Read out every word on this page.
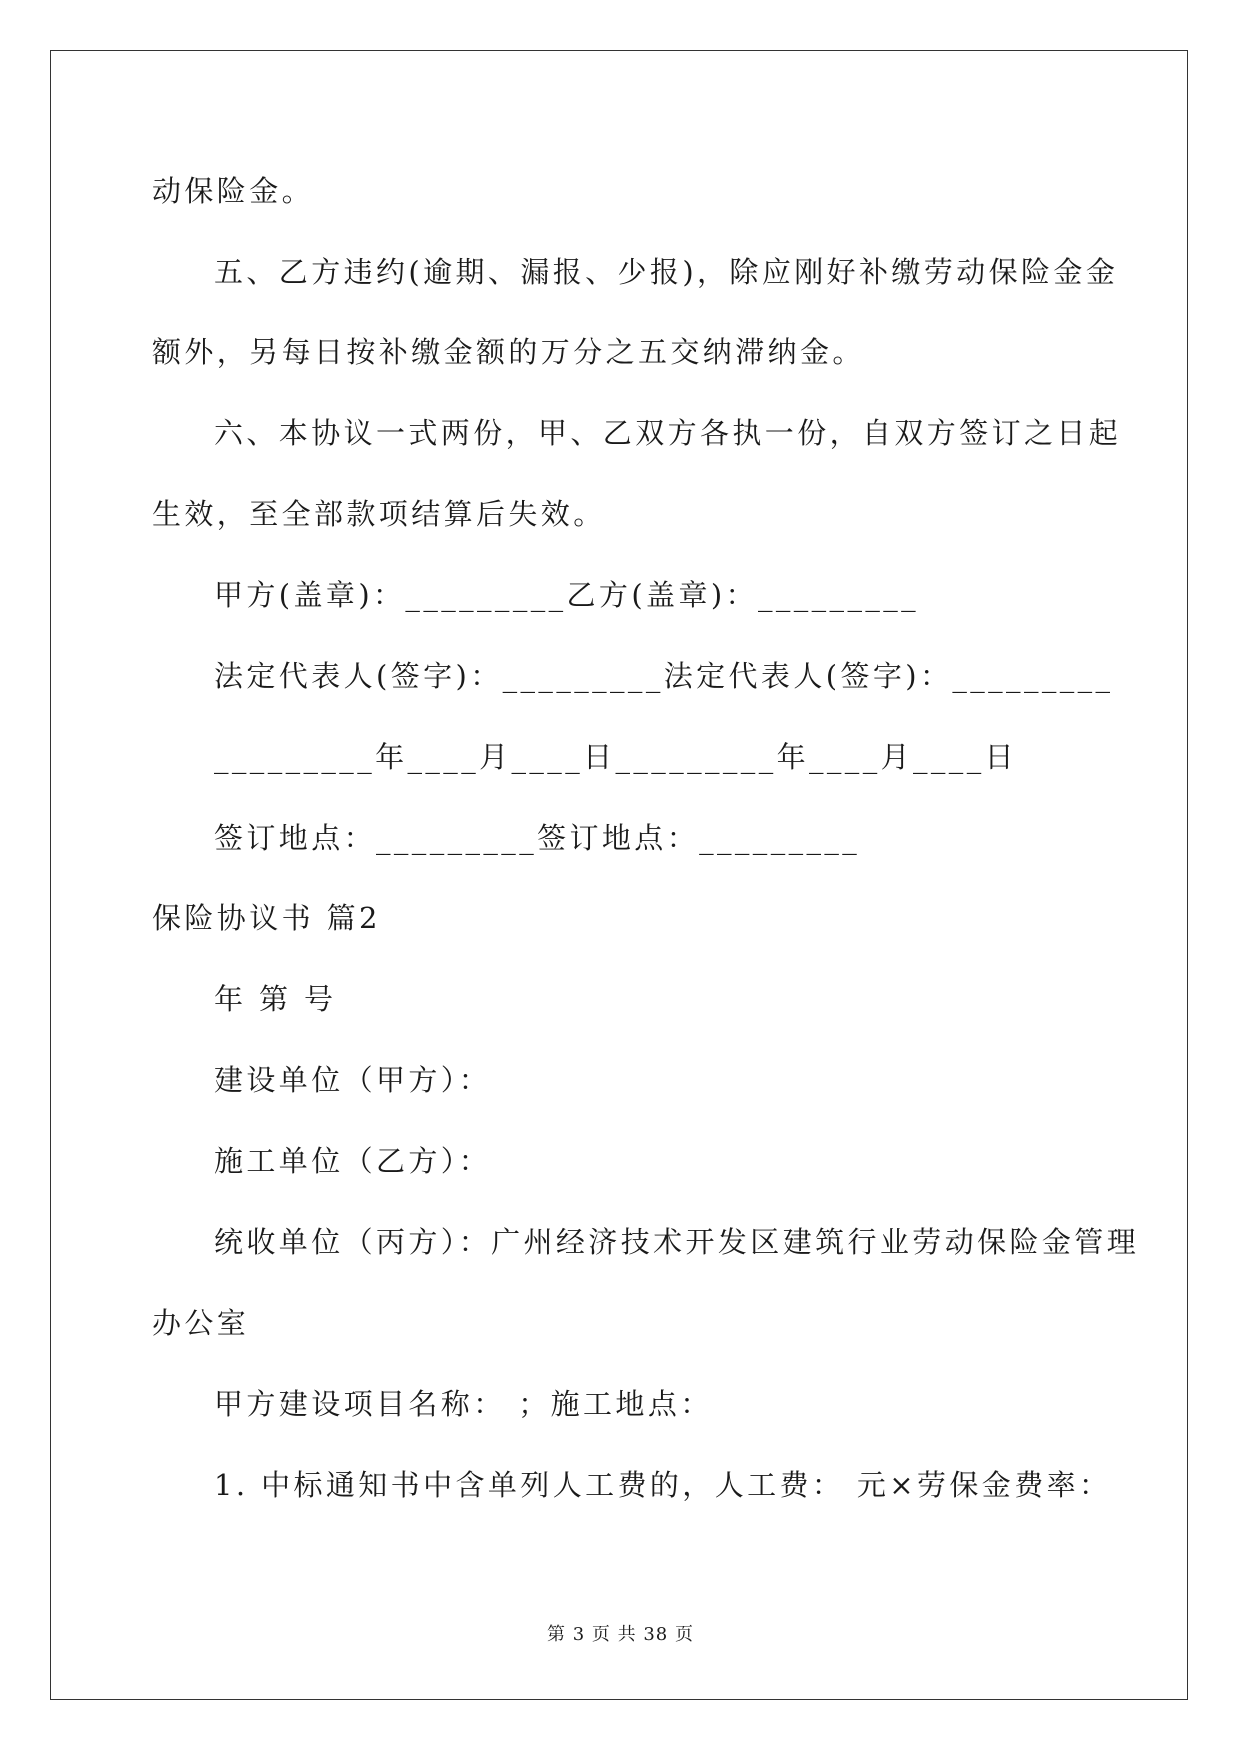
动保险金。
五、乙方违约(逾期、漏报、少报)，除应刚好补缴劳动保险金金
额外，另每日按补缴金额的万分之五交纳滞纳金。
六、本协议一式两份，甲、乙双方各执一份，自双方签订之日起
生效，至全部款项结算后失效。
甲方(盖章)：_________乙方(盖章)：_________
法定代表人(签字)：_________法定代表人(签字)：_________
_________年____月____日_________年____月____日
签订地点：_________签订地点：_________
保险协议书 篇2
年 第 号
建设单位（甲方）：
施工单位（乙方）：
统收单位（丙方）：广州经济技术开发区建筑行业劳动保险金管理
办公室
甲方建设项目名称： ；施工地点：
1. 中标通知书中含单列人工费的，人工费： 元×劳保金费率：
第 3 页 共 38 页
